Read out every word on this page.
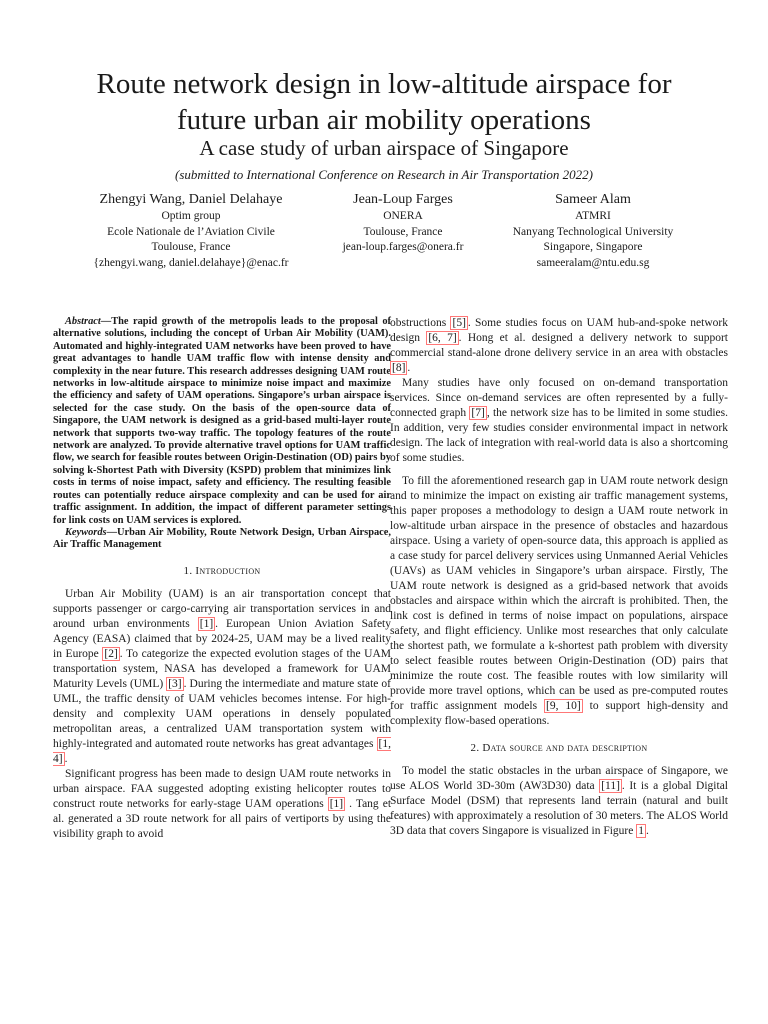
Route network design in low-altitude airspace for
future urban air mobility operations
A case study of urban airspace of Singapore
(submitted to International Conference on Research in Air Transportation 2022)
Zhengyi Wang, Daniel Delahaye
Optim group
Ecole Nationale de l’Aviation Civile
Toulouse, France
{zhengyi.wang, daniel.delahaye}@enac.fr
Jean-Loup Farges
ONERA
Toulouse, France
jean-loup.farges@onera.fr
Sameer Alam
ATMRI
Nanyang Technological University
Singapore, Singapore
sameeralam@ntu.edu.sg

Abstract—The rapid growth of the metropolis leads to the proposal of alternative solutions, including the concept of Urban Air Mobility (UAM). Automated and highly-integrated UAM networks have been proved to have great advantages to handle UAM traffic flow with intense density and complexity in the near future. This research addresses designing UAM route networks in low-altitude airspace to minimize noise impact and maximize the efficiency and safety of UAM operations. Singapore’s urban airspace is selected for the case study. On the basis of the open-source data of Singapore, the UAM network is designed as a grid-based multi-layer route network that supports two-way traffic. The topology features of the route network are analyzed. To provide alternative travel options for UAM traffic flow, we search for feasible routes between Origin-Destination (OD) pairs by solving k-Shortest Path with Diversity (KSPD) problem that minimizes link costs in terms of noise impact, safety and efficiency. The resulting feasible routes can potentially reduce airspace complexity and can be used for air traffic assignment. In addition, the impact of different parameter settings for link costs on UAM services is explored.

Keywords—Urban Air Mobility, Route Network Design, Urban Airspace, Air Traffic Management

1. Introduction

Urban Air Mobility (UAM) is an air transportation concept that supports passenger or cargo-carrying air transportation services in and around urban environments [1] . European Union Aviation Safety Agency (EASA) claimed that by 2024-25, UAM may be a lived reality in Europe [2] . To categorize the expected evolution stages of the UAM transportation system, NASA has developed a framework for UAM Maturity Levels (UML) [3] . During the intermediate and mature state of UML, the traffic density of UAM vehicles becomes intense. For high-density and complexity UAM operations in densely populated metropolitan areas, a centralized UAM transportation system with highly-integrated and automated route networks has great advantages [1, 4] .

Significant progress has been made to design UAM route networks in urban airspace. FAA suggested adopting existing helicopter routes to construct route networks for early-stage UAM operations [1] . Tang et al. generated a 3D route network for all pairs of vertiports by using the visibility graph to avoid

obstructions [5] . Some studies focus on UAM hub-and-spoke network design [6, 7] . Hong et al. designed a delivery network to support commercial stand-alone drone delivery service in an area with obstacles [8] .

Many studies have only focused on on-demand transportation services. Since on-demand services are often represented by a fully-connected graph [7] , the network size has to be limited in some studies. In addition, very few studies consider environmental impact in network design. The lack of integration with real-world data is also a shortcoming of some studies.

To fill the aforementioned research gap in UAM route network design and to minimize the impact on existing air traffic management systems, this paper proposes a methodology to design a UAM route network in low-altitude urban airspace in the presence of obstacles and hazardous airspace. Using a variety of open-source data, this approach is applied as a case study for parcel delivery services using Unmanned Aerial Vehicles (UAVs) as UAM vehicles in Singapore’s urban airspace. Firstly, The UAM route network is designed as a grid-based network that avoids obstacles and airspace within which the aircraft is prohibited. Then, the link cost is defined in terms of noise impact on populations, airspace safety, and flight efficiency. Unlike most researches that only calculate the shortest path, we formulate a k-shortest path problem with diversity to select feasible routes between Origin-Destination (OD) pairs that minimize the route cost. The feasible routes with low similarity will provide more travel options, which can be used as pre-computed routes for traffic assignment models [9, 10] to support high-density and complexity flow-based operations.

2. Data source and data description

To model the static obstacles in the urban airspace of Singapore, we use ALOS World 3D-30m (AW3D30) data [11] . It is a global Digital Surface Model (DSM) that represents land terrain (natural and built features) with approximately a resolution of 30 meters. The ALOS World 3D data that covers Singapore is visualized in Figure 1 .
